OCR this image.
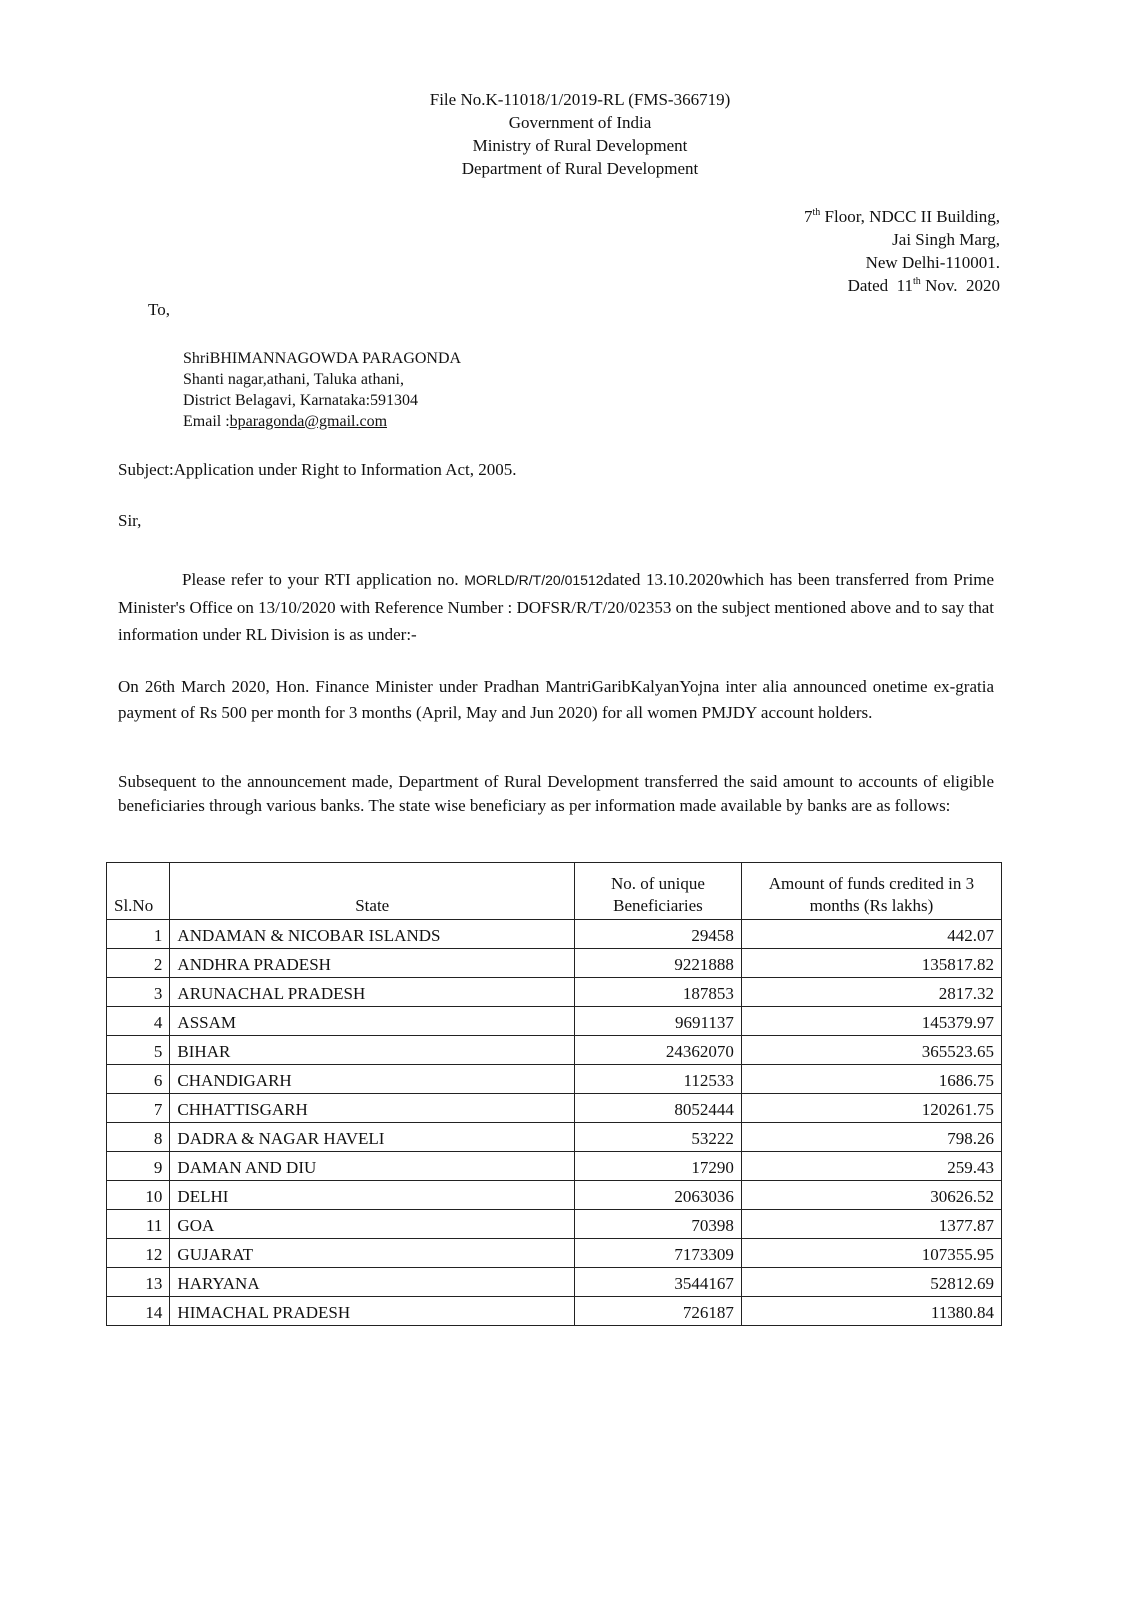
File No.K-11018/1/2019-RL (FMS-366719)
Government of India
Ministry of Rural Development
Department of Rural Development
7th Floor, NDCC II Building,
Jai Singh Marg,
New Delhi-110001.
Dated  11th Nov.  2020
To,
ShriBHIMANNAGOWDA PARAGONDA
Shanti nagar,athani, Taluka athani,
District Belagavi, Karnataka:591304
Email :bparagonda@gmail.com
Subject:Application under Right to Information Act, 2005.
Sir,
Please refer to your RTI application no. MORLD/R/T/20/01512dated 13.10.2020which has been transferred from Prime Minister's Office on 13/10/2020 with Reference Number : DOFSR/R/T/20/02353 on the subject mentioned above and to say that information under RL Division is as under:-
On 26th March 2020, Hon. Finance Minister under Pradhan MantriGaribKalyanYojna inter alia announced onetime ex-gratia payment of Rs 500 per month for 3 months (April, May and Jun 2020) for all women PMJDY account holders.
Subsequent to the announcement made, Department of Rural Development transferred the said amount to accounts of eligible beneficiaries through various banks. The state wise beneficiary as per information made available by banks are as follows:
Sl.No	State	No. of unique Beneficiaries	Amount of funds credited in 3 months (Rs lakhs)
1	ANDAMAN & NICOBAR ISLANDS	29458	442.07
2	ANDHRA PRADESH	9221888	135817.82
3	ARUNACHAL PRADESH	187853	2817.32
4	ASSAM	9691137	145379.97
5	BIHAR	24362070	365523.65
6	CHANDIGARH	112533	1686.75
7	CHHATTISGARH	8052444	120261.75
8	DADRA & NAGAR HAVELI	53222	798.26
9	DAMAN AND DIU	17290	259.43
10	DELHI	2063036	30626.52
11	GOA	70398	1377.87
12	GUJARAT	7173309	107355.95
13	HARYANA	3544167	52812.69
14	HIMACHAL PRADESH	726187	11380.84
